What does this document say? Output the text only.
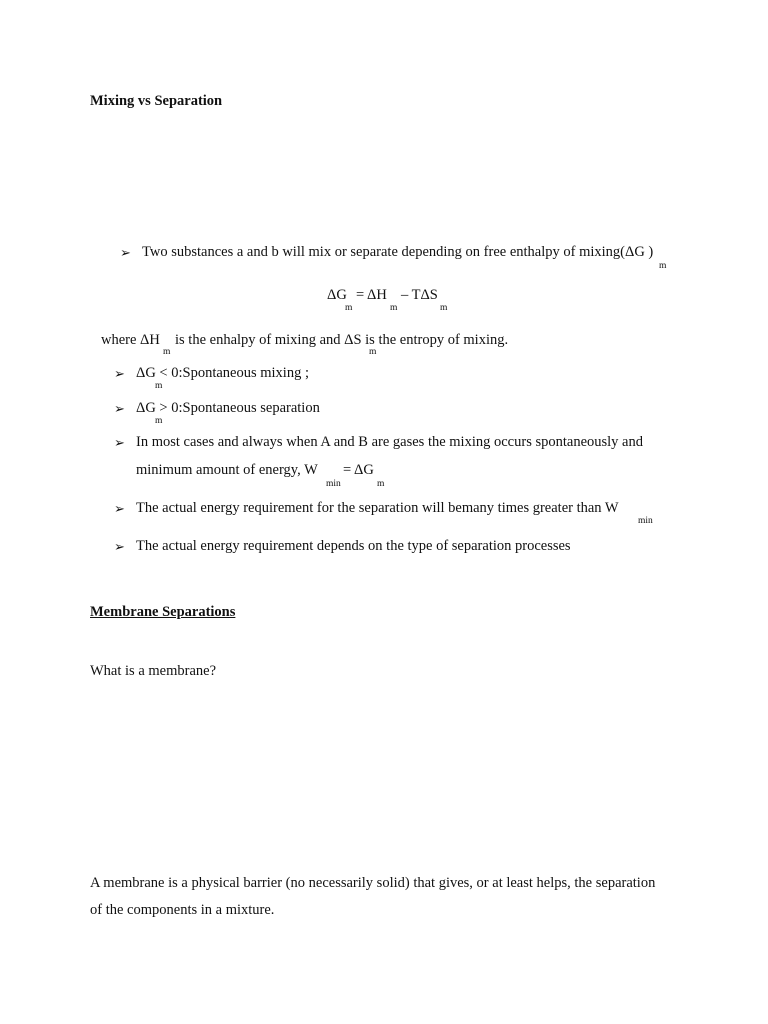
Mixing vs Separation
➢ Two substances a and b will mix or separate depending on free enthalpy of mixing(ΔG )
m
ΔG
m
= ΔH
m
– TΔS
m
where ΔH
m
is the enhalpy of mixing and ΔS is the entropy of mixing.
m
➢ ΔG < 0:Spontaneous mixing ;
m
➢ ΔG > 0:Spontaneous separation
m
➢ In most cases and always when A and B are gases the mixing occurs spontaneously and
minimum amount of energy, W
min
= ΔG
m
➢ The actual energy requirement for the separation will bemany times greater than W
min
➢ The actual energy requirement depends on the type of separation processes
Membrane Separations
What is a membrane?
A membrane is a physical barrier (no necessarily solid) that gives, or at least helps, the separation
of the components in a mixture.
